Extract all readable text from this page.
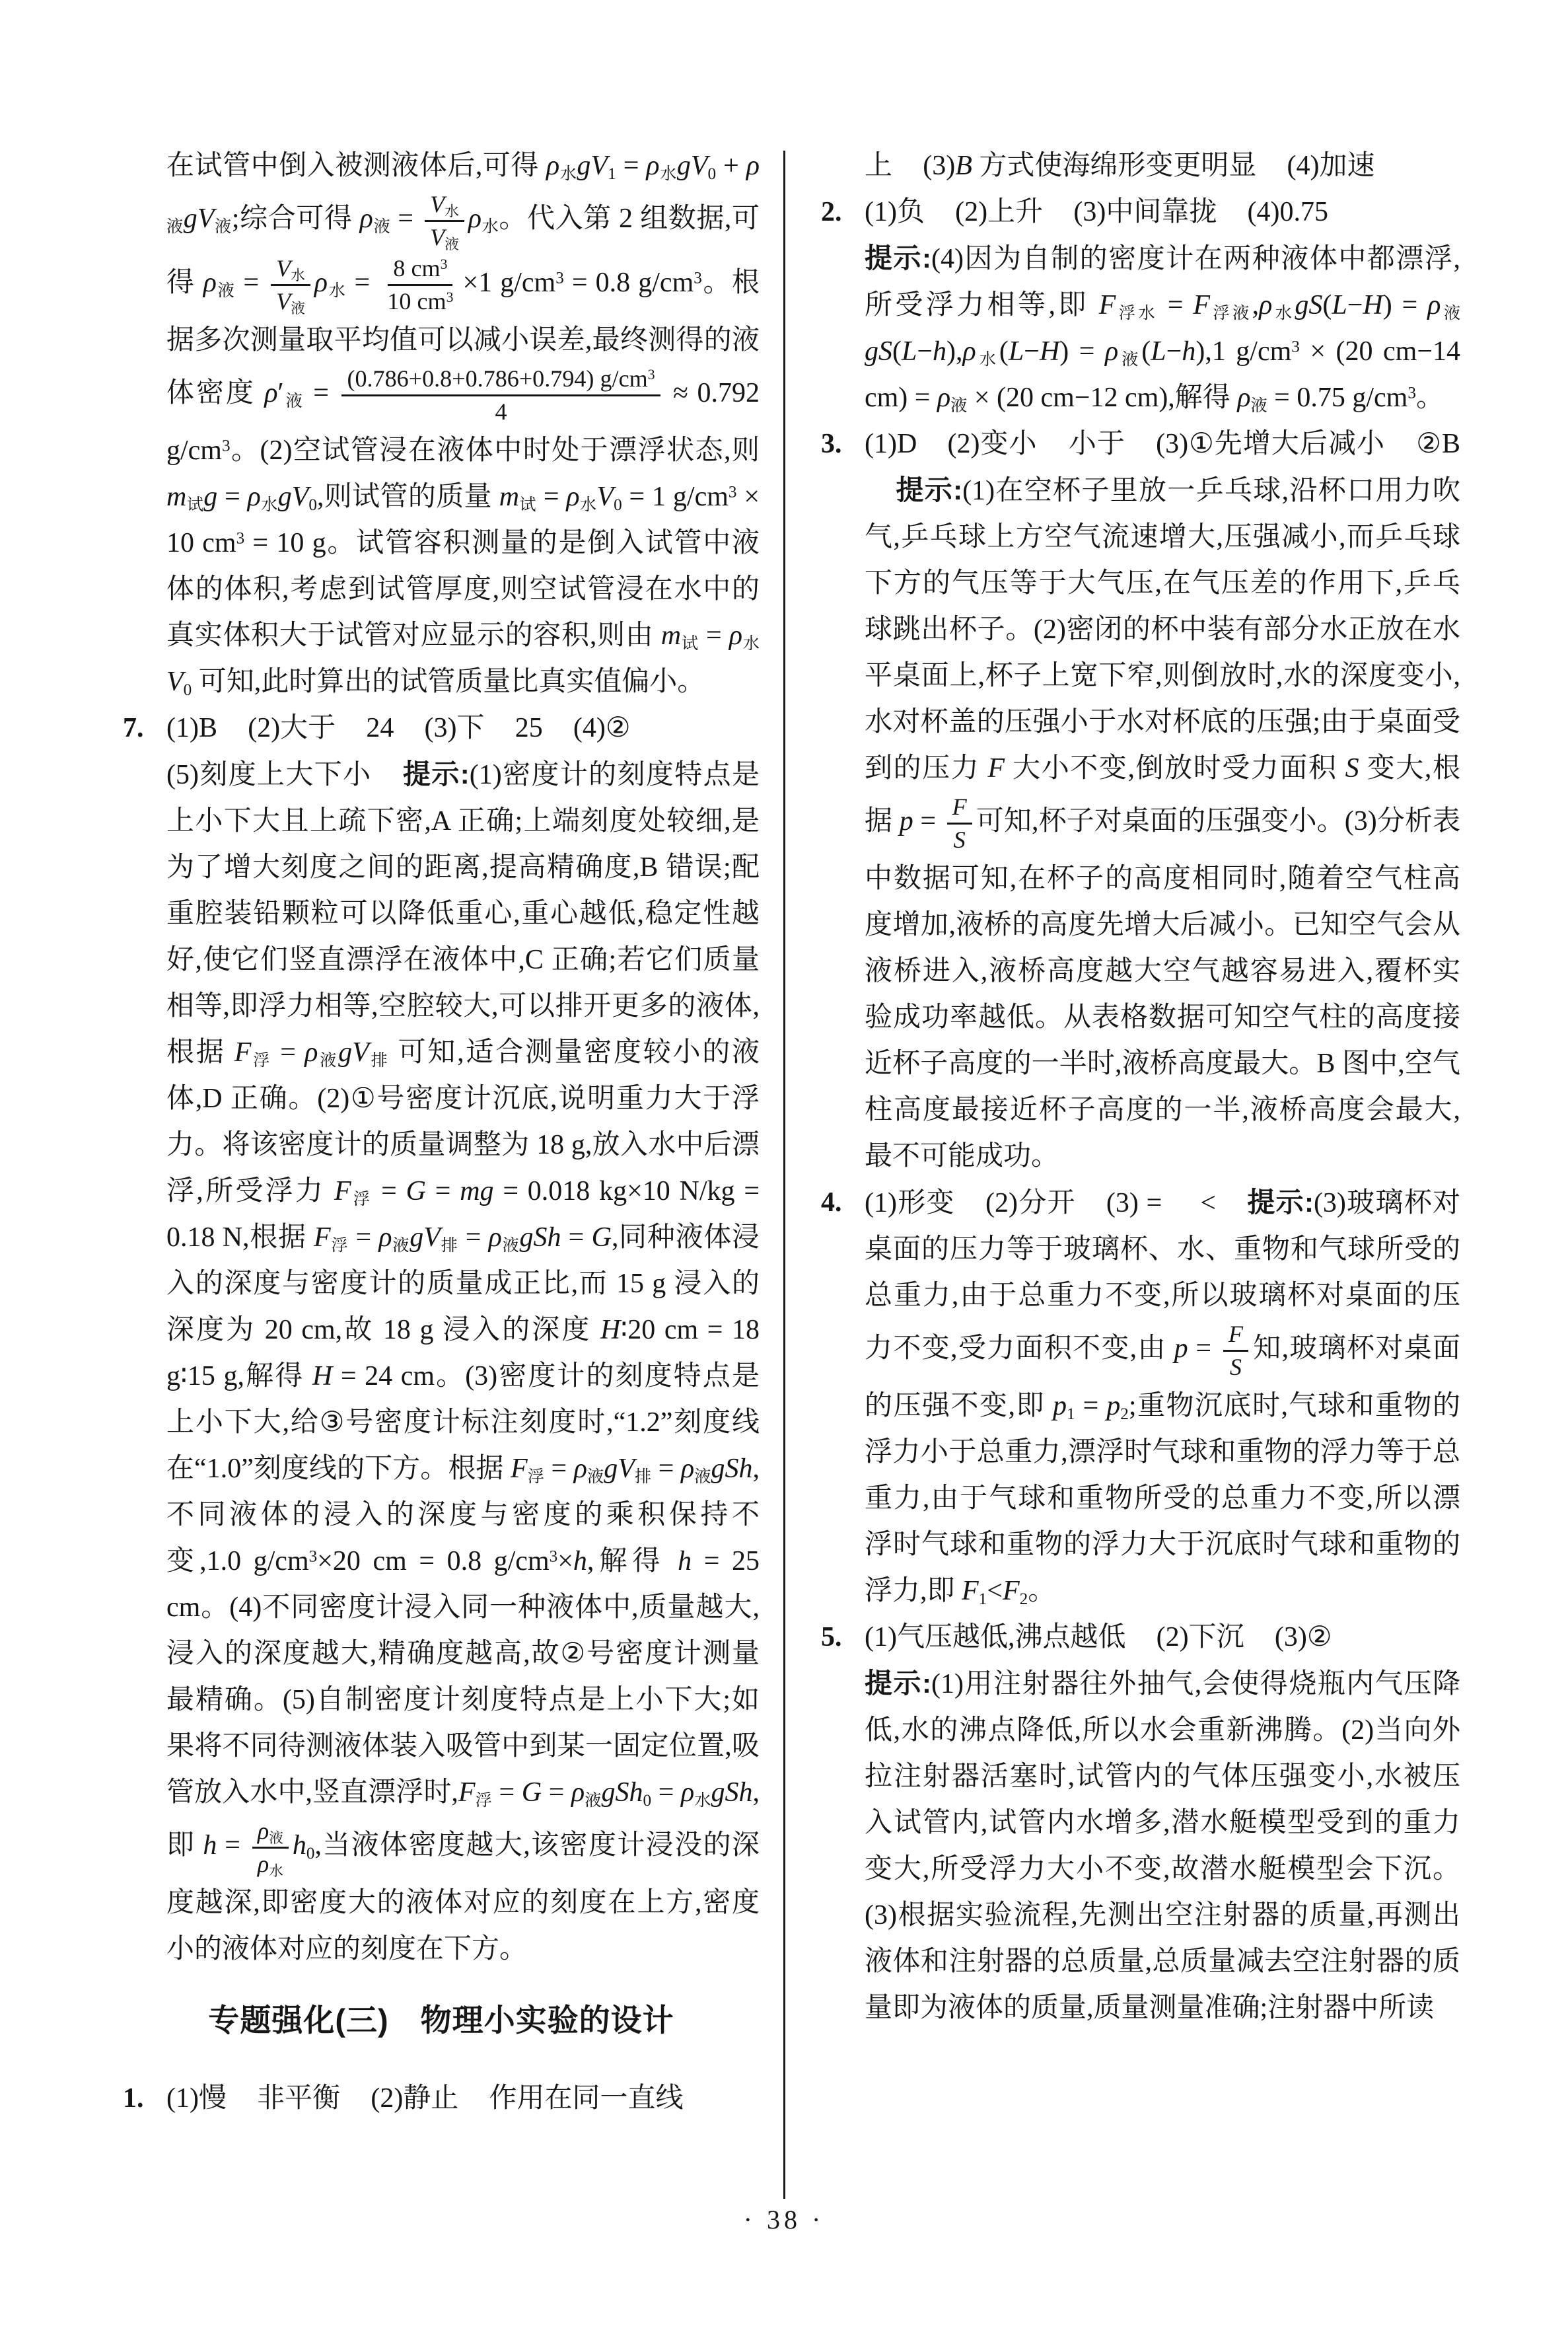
在试管中倒入被测液体后,可得 $\rho_水gV_1 = \rho_水gV_0 + \rho_液gV_液$;综合可得 $\rho_液 = \frac{V_水}{V_液} \rho_水$。代入第 2 组数据,可得 $\rho_液 = \frac{V_水}{V_液} \rho_水 = \frac{8 cm^3}{10 cm^3} \times 1$ $g/cm^3 = 0.8$ $g/cm^3$。根据多次测量取平均值可以减小误差,最终测得的液体密度 $\rho'_液 = \frac{(0.786+0.8+0.786+0.794) g/cm^3}{4} \approx 0.792$ $g/cm^3$。(2)空试管浸在液体中时处于漂浮状态,则 $m_试g = \rho_水gV_0$,则试管的质量 $m_试 = \rho_水V_0 = 1$ $g/cm^3 \times 10$ $cm^3 = 10$ g。试管容积测量的是倒入试管中液体的体积,考虑到试管厚度,则空试管浸在水中的真实体积大于试管对应显示的容积,则由 $m_试 = \rho_水V_0$ 可知,此时算出的试管质量比真实值偏小。
7. (1)B (2)大于 24 (3)下 25 (4)②
(5)刻度上大下小 提示:(1)密度计的刻度特点是上小下大且上疏下密,A 正确;上端刻度处较细,是为了增大刻度之间的距离,提高精确度,B 错误;配重腔装铅颗粒可以降低重心,重心越低,稳定性越好,使它们竖直漂浮在液体中,C 正确;若它们质量相等,即浮力相等,空腔较大,可以排开更多的液体,根据 $F_浮 = \rho_液gV_排$ 可知,适合测量密度较小的液体,D 正确。(2)①号密度计沉底,说明重力大于浮力。将该密度计的质量调整为 18 g,放入水中后漂浮,所受浮力 $F_浮 = G$ = mg = 0.018 kg×10 N/kg = 0.18 N,根据 $F_浮 = \rho_液gV_排 = \rho_液gSh = G$,同种液体浸入的深度与密度计的质量成正比,而 15 g 浸入的深度为 20 cm,故 18 g 浸入的深度 H∶20 cm = 18 g∶15 g,解得 H = 24 cm。(3)密度计的刻度特点是上小下大,给③号密度计标注刻度时,“1.2”刻度线在“1.0”刻度线的下方。根据 $F_浮 = \rho_液gV_排 = \rho_液gSh$,不同液体的浸入的深度与密度的乘积保持不变,1.0 $g/cm^3\times 20$ cm = 0.8 $g/cm^3\times h$,解得 h = 25 cm。(4)不同密度计浸入同一种液体中,质量越大,浸入的深度越大,精确度越高,故②号密度计测量最精确。(5)自制密度计刻度特点是上小下大;如果将不同待测液体装入吸管中到某一固定位置,吸管放入水中,竖直漂浮时$,F_浮 = G = \rho_液gSh_0 = \rho_水gSh$,即 $h = \frac{\rho_液}{\rho_水} h_0$,当液体密度越大,该密度计浸没的深度越深,即密度大的液体对应的刻度在上方,密度小的液体对应的刻度在下方。
专题强化(三)　物理小实验的设计
1. (1)慢 非平衡 (2)静止 作用在同一直线
上 (3)B 方式使海绵形变更明显 (4)加速
2. (1)负 (2)上升 (3)中间靠拢 (4)0.75
提示:(4)因为自制的密度计在两种液体中都漂浮,所受浮力相等,即 $F_{浮水} = F_{浮液},\rho_水gS(L-H) = \rho_液gS(L-h),\rho_水(L-H) = \rho_液(L-h),1$ $g/cm^3 \times (20$ cm−14 $cm) = \rho_液 \times (20$ cm−12 cm),解得 $\rho_液 = 0.75$ $g/cm^3$。
3. (1)D (2)变小 小于 (3)①先增大后减小 ②B提示:(1)在空杯子里放一乒乓球,沿杯口用力吹气,乒乓球上方空气流速增大,压强减小,而乒乓球下方的气压等于大气压,在气压差的作用下,乒乓球跳出杯子。(2)密闭的杯中装有部分水正放在水平桌面上,杯子上宽下窄,则倒放时,水的深度变小,水对杯盖的压强小于水对杯底的压强;由于桌面受到的压力 F 大小不变,倒放时受力面积 S 变大,根据 $p = \frac{F}{S}$ 可知,杯子对桌面的压强变小。(3)分析表中数据可知,在杯子的高度相同时,随着空气柱高度增加,液桥的高度先增大后减小。已知空气会从液桥进入,液桥高度越大空气越容易进入,覆杯实验成功率越低。从表格数据可知空气柱的高度接近杯子高度的一半时,液桥高度最大。B 图中,空气柱高度最接近杯子高度的一半,液桥高度会最大,最不可能成功。
4. (1)形变 (2)分开 (3) = < 提示:(3)玻璃杯对桌面的压力等于玻璃杯、水、重物和气球所受的总重力,由于总重力不变,所以玻璃杯对桌面的压力不变,受力面积不变,由 $p = \frac{F}{S}$ 知,玻璃杯对桌面的压强不变,即 $p_1 = p_2$;重物沉底时,气球和重物的浮力小于总重力,漂浮时气球和重物的浮力等于总重力,由于气球和重物所受的总重力不变,所以漂浮时气球和重物的浮力大于沉底时气球和重物的浮力,即 $F_1<F_2$。
5. (1)气压越低,沸点越低 (2)下沉 (3)②
提示:(1)用注射器往外抽气,会使得烧瓶内气压降低,水的沸点降低,所以水会重新沸腾。(2)当向外拉注射器活塞时,试管内的气体压强变小,水被压入试管内,试管内水增多,潜水艇模型受到的重力变大,所受浮力大小不变,故潜水艇模型会下沉。(3)根据实验流程,先测出空注射器的质量,再测出液体和注射器的总质量,总质量减去空注射器的质量即为液体的质量,质量测量准确;注射器中所读
· 38 ·
